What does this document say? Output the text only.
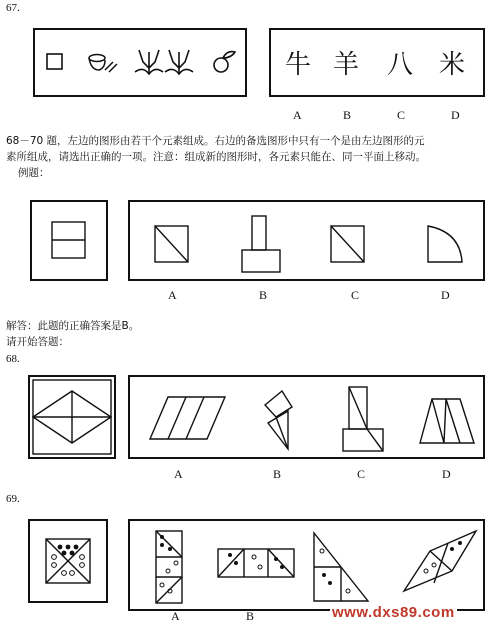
67.
牛 羊 八 米
A	B	C	D
68－70 题，左边的图形由若干个元素组成。右边的备选图形中只有一个是由左边图形的元
素所组成，请选出正确的一项。注意：组成新的图形时，各元素只能在、同一平面上移动。
例题：
A	B	C	D
解答：此题的正确答案是B。
请开始答题：
68.
A	B	C	D
69.
A	B	www.dxs89.com
